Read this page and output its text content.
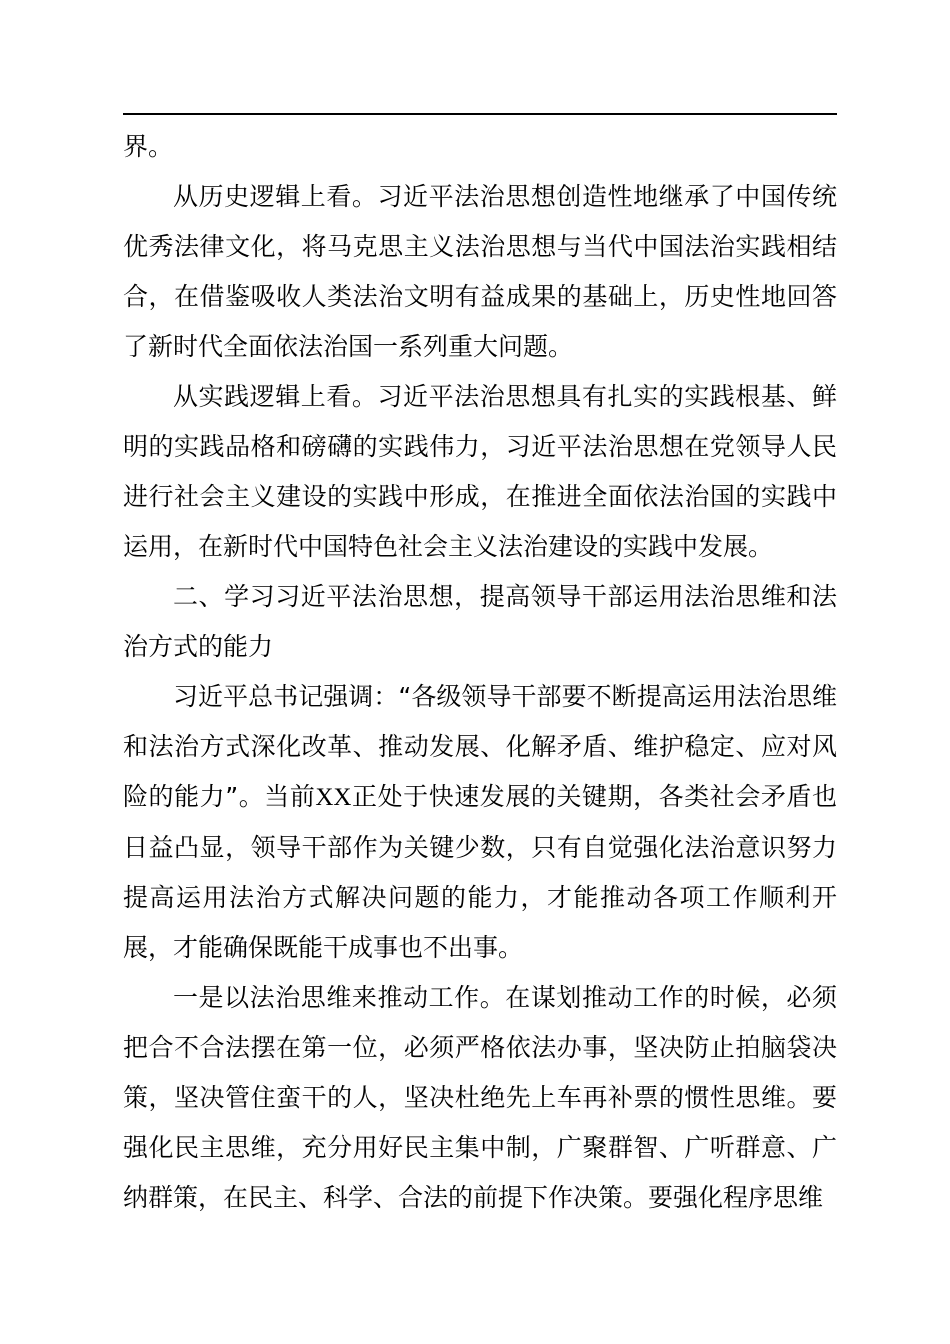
界。

从历史逻辑上看。习近平法治思想创造性地继承了中国传统优秀法律文化，将马克思主义法治思想与当代中国法治实践相结合，在借鉴吸收人类法治文明有益成果的基础上，历史性地回答了新时代全面依法治国一系列重大问题。

从实践逻辑上看。习近平法治思想具有扎实的实践根基、鲜明的实践品格和磅礴的实践伟力，习近平法治思想在党领导人民进行社会主义建设的实践中形成，在推进全面依法治国的实践中运用，在新时代中国特色社会主义法治建设的实践中发展。

二、学习习近平法治思想，提高领导干部运用法治思维和法治方式的能力

习近平总书记强调：“各级领导干部要不断提高运用法治思维和法治方式深化改革、推动发展、化解矛盾、维护稳定、应对风险的能力”。当前XX正处于快速发展的关键期，各类社会矛盾也日益凸显，领导干部作为关键少数，只有自觉强化法治意识努力提高运用法治方式解决问题的能力，才能推动各项工作顺利开展，才能确保既能干成事也不出事。

一是以法治思维来推动工作。在谋划推动工作的时候，必须把合不合法摆在第一位，必须严格依法办事，坚决防止拍脑袋决策，坚决管住蛮干的人，坚决杜绝先上车再补票的惯性思维。要强化民主思维，充分用好民主集中制，广聚群智、广听群意、广纳群策，在民主、科学、合法的前提下作决策。要强化程序思维
